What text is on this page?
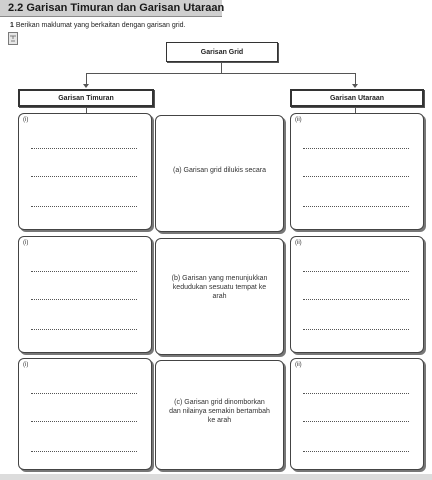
2.2 Garisan Timuran dan Garisan Utaraan
1 Berikan maklumat yang berkaitan dengan garisan grid.
Garisan Grid
Garisan Timuran	Garisan Utaraan
(i)
(a) Garisan grid dilukis secara
(ii)
(i)
(b) Garisan yang menunjukkan kedudukan sesuatu tempat ke arah
(ii)
(i)
(c) Garisan grid dinomborkan dan nilainya semakin bertambah ke arah
(ii)
